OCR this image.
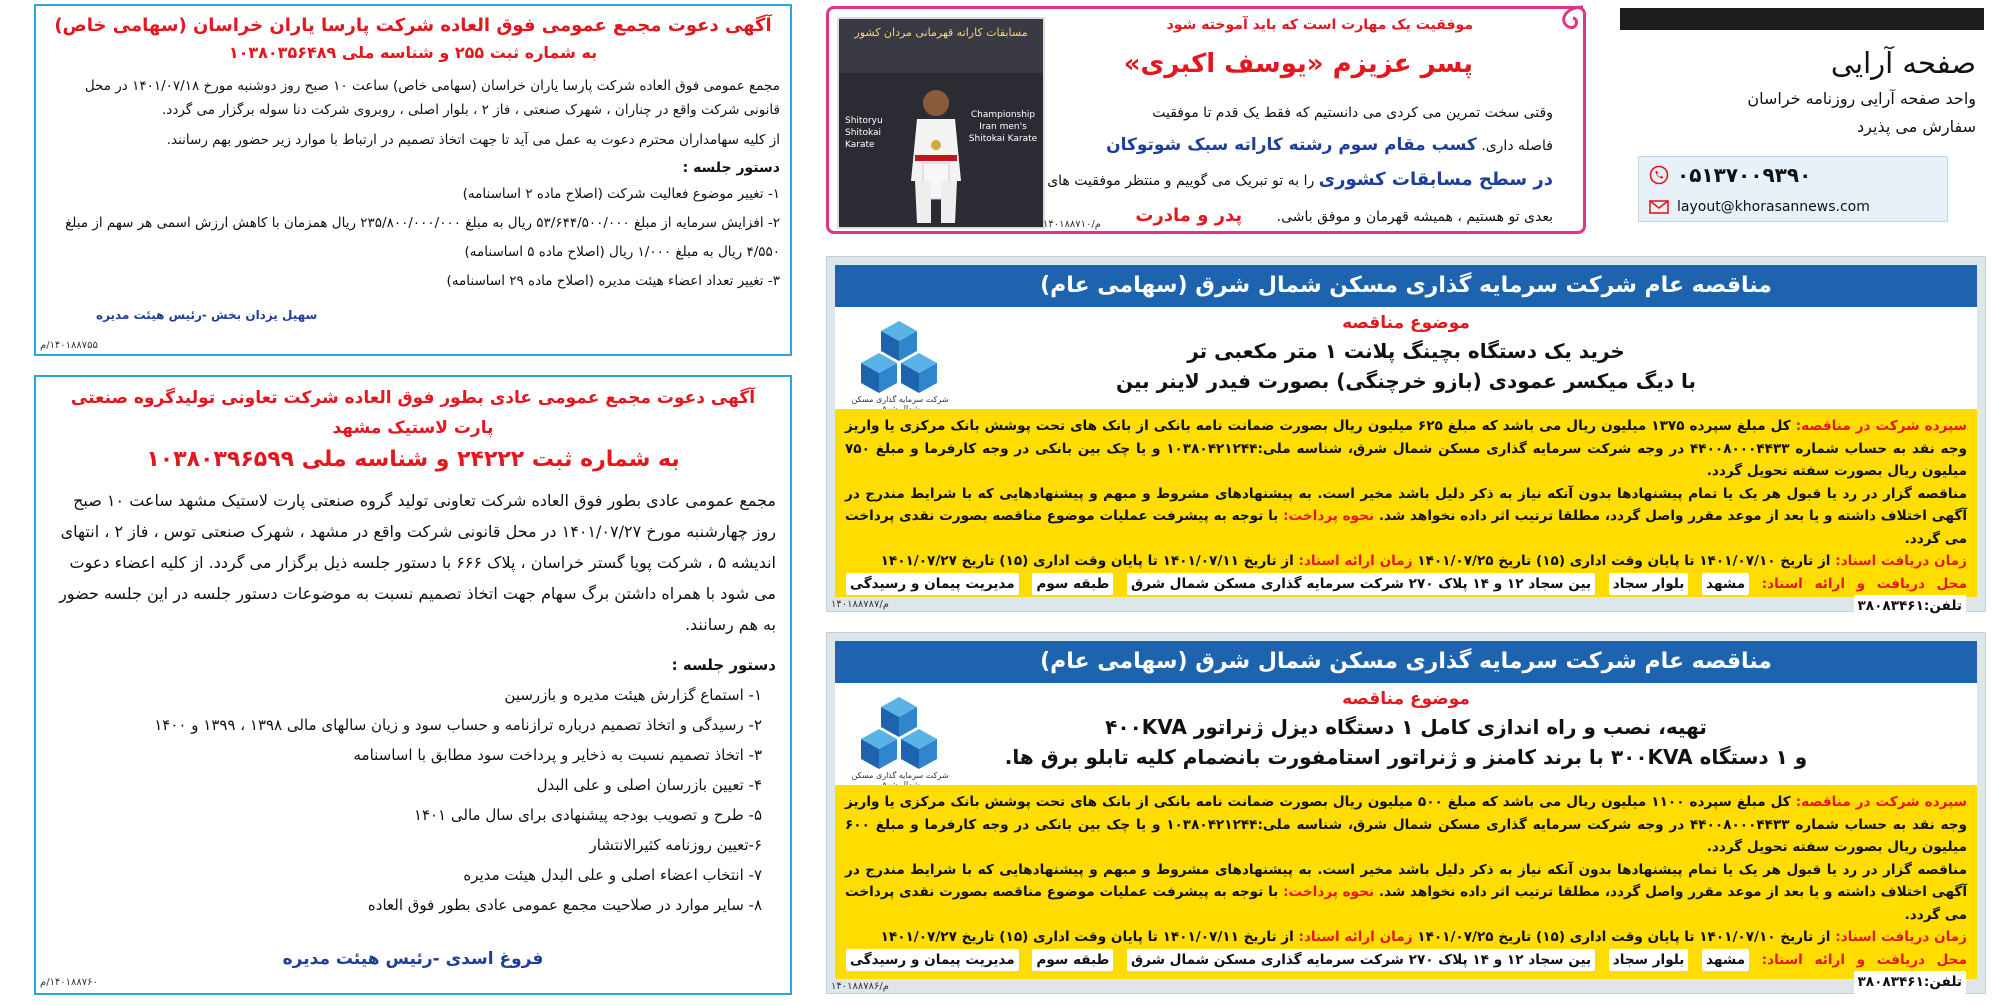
آگهی دعوت مجمع عمومی فوق العاده شرکت پارسا یاران خراسان (سهامی خاص)
به شماره ثبت ۲۵۵ و شناسه ملی ۱۰۳۸۰۳۵۶۴۸۹

مجمع عمومی فوق العاده شرکت پارسا یاران خراسان (سهامی خاص) ساعت ۱۰ صبح روز دوشنبه مورخ ۱۴۰۱/۰۷/۱۸ در محل قانونی شرکت واقع در چناران ، شهرک صنعتی ، فاز ۲ ، بلوار اصلی ، روبروی شرکت دنا سوله برگزار می گردد.

از کلیه سهامداران محترم دعوت به عمل می آید تا جهت اتخاذ تصمیم در ارتباط با موارد زیر حضور بهم رسانند.

دستور جلسه :
۱- تغییر موضوع فعالیت شرکت (اصلاح ماده ۲ اساسنامه)
۲- افزایش سرمایه از مبلغ ۵۳/۶۴۴/۵۰۰/۰۰۰ ریال به مبلغ ۲۳۵/۸۰۰/۰۰۰/۰۰۰ ریال همزمان با کاهش ارزش اسمی هر سهم از مبلغ ۴/۵۵۰ ریال به مبلغ ۱/۰۰۰ ریال (اصلاح ماده ۵ اساسنامه)
۳- تغییر تعداد اعضاء هیئت مدیره (اصلاح ماده ۲۹ اساسنامه)
سهیل یزدان بخش -رئیس هیئت مدیره
۱۴۰۱۸۸۷۵۵/م
آگهی دعوت مجمع عمومی عادی بطور فوق العاده شرکت تعاونی تولیدگروه صنعتی پارت لاستیک مشهد
به شماره ثبت ۲۴۲۲۲ و شناسه ملی ۱۰۳۸۰۳۹۶۵۹۹

مجمع عمومی عادی بطور فوق العاده شرکت تعاونی تولید گروه صنعتی پارت لاستیک مشهد ساعت ۱۰ صبح روز چهارشنبه مورخ ۱۴۰۱/۰۷/۲۷ در محل قانونی شرکت واقع در مشهد ، شهرک صنعتی توس ، فاز ۲ ، انتهای اندیشه ۵ ، شرکت پویا گستر خراسان ، پلاک ۶۶۶ با دستور جلسه ذیل برگزار می گردد. از کلیه اعضاء دعوت می شود با همراه داشتن برگ سهام جهت اتخاذ تصمیم نسبت به موضوعات دستور جلسه در این جلسه حضور به هم رسانند.

دستور جلسه :
۱- استماع گزارش هیئت مدیره و بازرسین
۲- رسیدگی و اتخاذ تصمیم درباره ترازنامه و حساب سود و زیان سالهای مالی ۱۳۹۸ ، ۱۳۹۹ و ۱۴۰۰
۳- اتخاذ تصمیم نسبت به ذخایر و پرداخت سود مطابق با اساسنامه
۴- تعیین بازرسان اصلی و علی البدل
۵- طرح و تصویب بودجه پیشنهادی برای سال مالی ۱۴۰۱
۶-تعیین روزنامه کثیرالانتشار
۷- انتخاب اعضاء اصلی و علی البدل هیئت مدیره
۸- سایر موارد در صلاحیت مجمع عمومی عادی بطور فوق العاده
فروغ اسدی -رئیس هیئت مدیره
۱۴۰۱۸۸۷۶۰/م
مسابقات کاراته قهرمانی مردان کشور
Shitoryu Shitokai Karate
Championship Iran men's Shitokai Karate
موفقیت یک مهارت است که باید آموخته شود
پسر عزیزم «یوسف اکبری»
وقتی سخت تمرین می کردی می دانستیم که فقط یک قدم تا موفقیت
فاصله داری. کسب مقام سوم رشته کاراته سبک شوتوکان
در سطح مسابقات کشوری را به تو تبریک می گوییم و منتظر موفقیت های
بعدی تو هستیم ، همیشه قهرمان و موفق باشی. پدر و مادرت
۱۴۰۱۸۸۷۱۰/م
صفحه آرایی
واحد صفحه آرایی روزنامه خراسان
سفارش می پذیرد
۰۵۱۳۷۰۰۹۳۹۰
layout@khorasannews.com
مناقصه عام شرکت سرمایه گذاری مسکن شمال شرق (سهامی عام)
شرکت سرمایه گذاری مسکن
موضوع مناقصه
خرید یک دستگاه بچینگ پلانت ۱ متر مکعبی تر
با دیگ میکسر عمودی (بازو خرچنگی) بصورت فیدر لاینر بین

سپرده شرکت در مناقصه: کل مبلغ سپرده ۱۳۷۵ میلیون ریال می باشد که مبلغ ۶۲۵ میلیون ریال بصورت ضمانت نامه بانکی از بانک های تحت پوشش بانک مرکزی یا واریز وجه نقد به حساب شماره ۴۴۰۰۸۰۰۰۴۴۳۳ در وجه شرکت سرمایه گذاری مسکن شمال شرق، شناسه ملی:۱۰۳۸۰۴۲۱۲۴۴ و یا چک بین بانکی در وجه کارفرما و مبلغ ۷۵۰ میلیون ریال بصورت سفته تحویل گردد.

مناقصه گزار در رد یا قبول هر یک یا تمام پیشنهادها بدون آنکه نیاز به ذکر دلیل باشد مخیر است. به پیشنهادهای مشروط و مبهم و پیشنهادهایی که با شرایط مندرج در آگهی اختلاف داشته و یا بعد از موعد مقرر واصل گردد، مطلقا ترتیب اثر داده نخواهد شد. نحوه پرداخت: با توجه به پیشرفت عملیات موضوع مناقصه بصورت نقدی پرداخت می گردد.

زمان دریافت اسناد: از تاریخ ۱۴۰۱/۰۷/۱۰ تا پایان وقت اداری (۱۵) تاریخ ۱۴۰۱/۰۷/۲۵ زمان ارائه اسناد: از تاریخ ۱۴۰۱/۰۷/۱۱ تا پایان وقت اداری (۱۵) تاریخ ۱۴۰۱/۰۷/۲۷

محل دریافت و ارائه اسناد: مشهد بلوار سجاد بین سجاد ۱۲ و ۱۴ پلاک ۲۷۰ شرکت سرمایه گذاری مسکن شمال شرق طبقه سوم مدیریت پیمان و رسیدگی تلفن:۳۸۰۸۳۴۶۱

۱۴۰۱۸۸۷۸۷/م
مناقصه عام شرکت سرمایه گذاری مسکن شمال شرق (سهامی عام)
شرکت سرمایه گذاری مسکن
موضوع مناقصه
تهیه، نصب و راه اندازی کامل ۱ دستگاه دیزل ژنراتور ۴۰۰KVA
و ۱ دستگاه ۳۰۰KVA با برند کامنز و ژنراتور استامفورت بانضمام کلیه تابلو برق ها.

سپرده شرکت در مناقصه: کل مبلغ سپرده ۱۱۰۰ میلیون ریال می باشد که مبلغ ۵۰۰ میلیون ریال بصورت ضمانت نامه بانکی از بانک های تحت پوشش بانک مرکزی یا واریز وجه نقد به حساب شماره ۴۴۰۰۸۰۰۰۴۴۳۳ در وجه شرکت سرمایه گذاری مسکن شمال شرق، شناسه ملی:۱۰۳۸۰۴۲۱۲۴۴ و یا چک بین بانکی در وجه کارفرما و مبلغ ۶۰۰ میلیون ریال بصورت سفته تحویل گردد.

مناقصه گزار در رد یا قبول هر یک یا تمام پیشنهادها بدون آنکه نیاز به ذکر دلیل باشد مخیر است. به پیشنهادهای مشروط و مبهم و پیشنهادهایی که با شرایط مندرج در آگهی اختلاف داشته و یا بعد از موعد مقرر واصل گردد، مطلقا ترتیب اثر داده نخواهد شد. نحوه پرداخت: با توجه به پیشرفت عملیات موضوع مناقصه بصورت نقدی پرداخت می گردد.

زمان دریافت اسناد: از تاریخ ۱۴۰۱/۰۷/۱۰ تا پایان وقت اداری (۱۵) تاریخ ۱۴۰۱/۰۷/۲۵ زمان ارائه اسناد: از تاریخ ۱۴۰۱/۰۷/۱۱ تا پایان وقت اداری (۱۵) تاریخ ۱۴۰۱/۰۷/۲۷

محل دریافت و ارائه اسناد: مشهد بلوار سجاد بین سجاد ۱۲ و ۱۴ پلاک ۲۷۰ شرکت سرمایه گذاری مسکن شمال شرق طبقه سوم مدیریت پیمان و رسیدگی تلفن:۳۸۰۸۳۴۶۱

۱۴۰۱۸۸۷۸۶/م
